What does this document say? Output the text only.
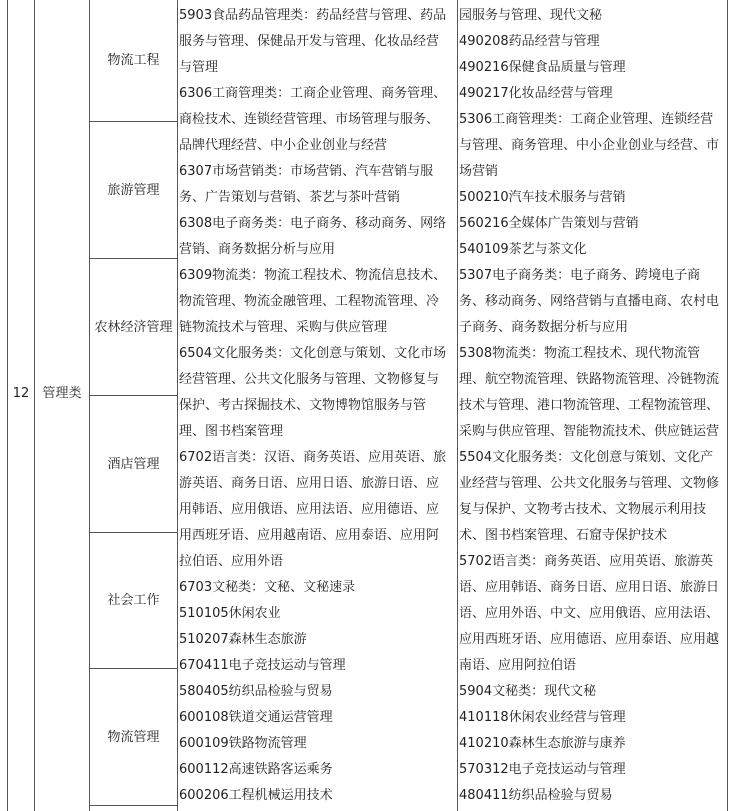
12	管理类
物流工程
旅游管理
农林经济管理
酒店管理
社会工作
物流管理
5903食品药品管理类：药品经营与管理、药品
服务与管理、保健品开发与管理、化妆品经营
与管理
6306工商管理类：工商企业管理、商务管理、
商检技术、连锁经营管理、市场管理与服务、
品牌代理经营、中小企业创业与经营
6307市场营销类：市场营销、汽车营销与服
务、广告策划与营销、茶艺与茶叶营销
6308电子商务类：电子商务、移动商务、网络
营销、商务数据分析与应用
6309物流类：物流工程技术、物流信息技术、
物流管理、物流金融管理、工程物流管理、冷
链物流技术与管理、采购与供应管理
6504文化服务类：文化创意与策划、文化市场
经营管理、公共文化服务与管理、文物修复与
保护、考古探掘技术、文物博物馆服务与管
理、图书档案管理
6702语言类：汉语、商务英语、应用英语、旅
游英语、商务日语、应用日语、旅游日语、应
用韩语、应用俄语、应用法语、应用德语、应
用西班牙语、应用越南语、应用泰语、应用阿
拉伯语、应用外语
6703文秘类：文秘、文秘速录
510105休闲农业
510207森林生态旅游
670411电子竞技运动与管理
580405纺织品检验与贸易
600108铁道交通运营管理
600109铁路物流管理
600112高速铁路客运乘务
600206工程机械运用技术
园服务与管理、现代文秘
490208药品经营与管理
490216保健食品质量与管理
490217化妆品经营与管理
5306工商管理类：工商企业管理、连锁经营
与管理、商务管理、中小企业创业与经营、市
场营销
500210汽车技术服务与营销
560216全媒体广告策划与营销
540109茶艺与茶文化
5307电子商务类：电子商务、跨境电子商
务、移动商务、网络营销与直播电商、农村电
子商务、商务数据分析与应用
5308物流类：物流工程技术、现代物流管
理、航空物流管理、铁路物流管理、冷链物流
技术与管理、港口物流管理、工程物流管理、
采购与供应管理、智能物流技术、供应链运营
5504文化服务类：文化创意与策划、文化产
业经营与管理、公共文化服务与管理、文物修
复与保护、文物考古技术、文物展示利用技
术、图书档案管理、石窟寺保护技术
5702语言类：商务英语、应用英语、旅游英
语、应用韩语、商务日语、应用日语、旅游日
语、应用外语、中文、应用俄语、应用法语、
应用西班牙语、应用德语、应用泰语、应用越
南语、应用阿拉伯语
5904文秘类：现代文秘
410118休闲农业经营与管理
410210森林生态旅游与康养
570312电子竞技运动与管理
480411纺织品检验与贸易
